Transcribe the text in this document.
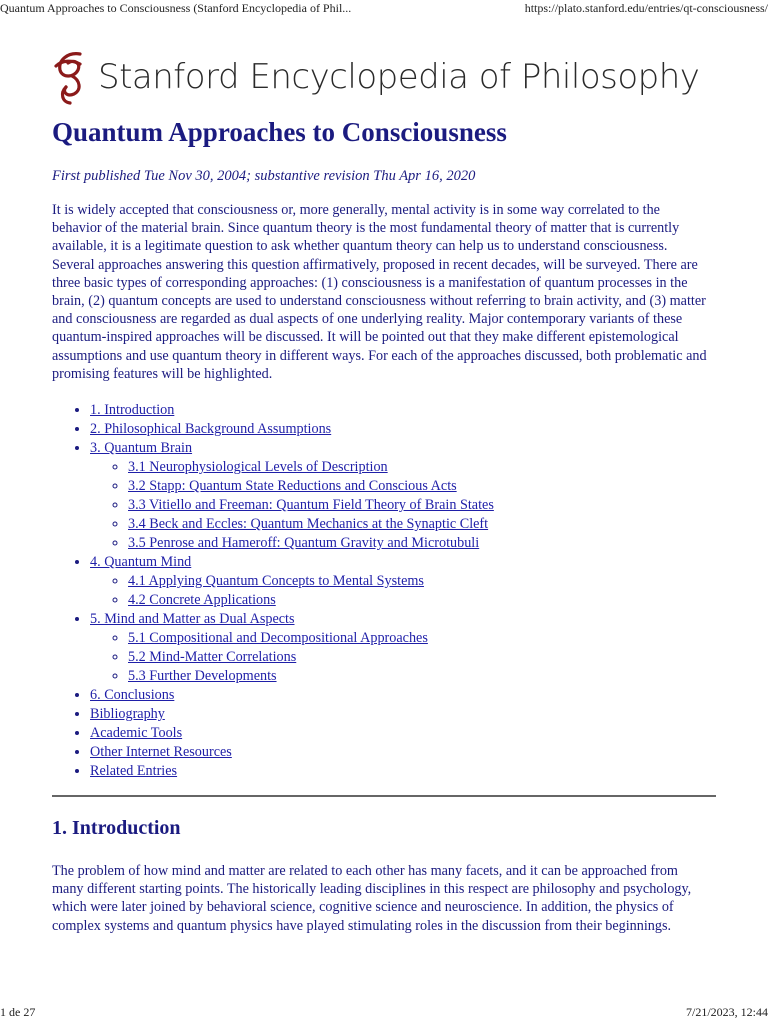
Quantum Approaches to Consciousness (Stanford Encyclopedia of Phil...	https://plato.stanford.edu/entries/qt-consciousness/
Stanford Encyclopedia of Philosophy
Quantum Approaches to Consciousness
First published Tue Nov 30, 2004; substantive revision Thu Apr 16, 2020

It is widely accepted that consciousness or, more generally, mental activity is in some way correlated to the behavior of the material brain. Since quantum theory is the most fundamental theory of matter that is currently available, it is a legitimate question to ask whether quantum theory can help us to understand consciousness. Several approaches answering this question affirmatively, proposed in recent decades, will be surveyed. There are three basic types of corresponding approaches: (1) consciousness is a manifestation of quantum processes in the brain, (2) quantum concepts are used to understand consciousness without referring to brain activity, and (3) matter and consciousness are regarded as dual aspects of one underlying reality. Major contemporary variants of these quantum-inspired approaches will be discussed. It will be pointed out that they make different epistemological assumptions and use quantum theory in different ways. For each of the approaches discussed, both problematic and promising features will be highlighted.

• 1. Introduction
• 2. Philosophical Background Assumptions
• 3. Quantum Brain
◦ 3.1 Neurophysiological Levels of Description
◦ 3.2 Stapp: Quantum State Reductions and Conscious Acts
◦ 3.3 Vitiello and Freeman: Quantum Field Theory of Brain States
◦ 3.4 Beck and Eccles: Quantum Mechanics at the Synaptic Cleft
◦ 3.5 Penrose and Hameroff: Quantum Gravity and Microtubuli
• 4. Quantum Mind
◦ 4.1 Applying Quantum Concepts to Mental Systems
◦ 4.2 Concrete Applications
• 5. Mind and Matter as Dual Aspects
◦ 5.1 Compositional and Decompositional Approaches
◦ 5.2 Mind-Matter Correlations
◦ 5.3 Further Developments
• 6. Conclusions
• Bibliography
• Academic Tools
• Other Internet Resources
• Related Entries
1. Introduction

The problem of how mind and matter are related to each other has many facets, and it can be approached from many different starting points. The historically leading disciplines in this respect are philosophy and psychology, which were later joined by behavioral science, cognitive science and neuroscience. In addition, the physics of complex systems and quantum physics have played stimulating roles in the discussion from their beginnings.

1 de 27	7/21/2023, 12:44
